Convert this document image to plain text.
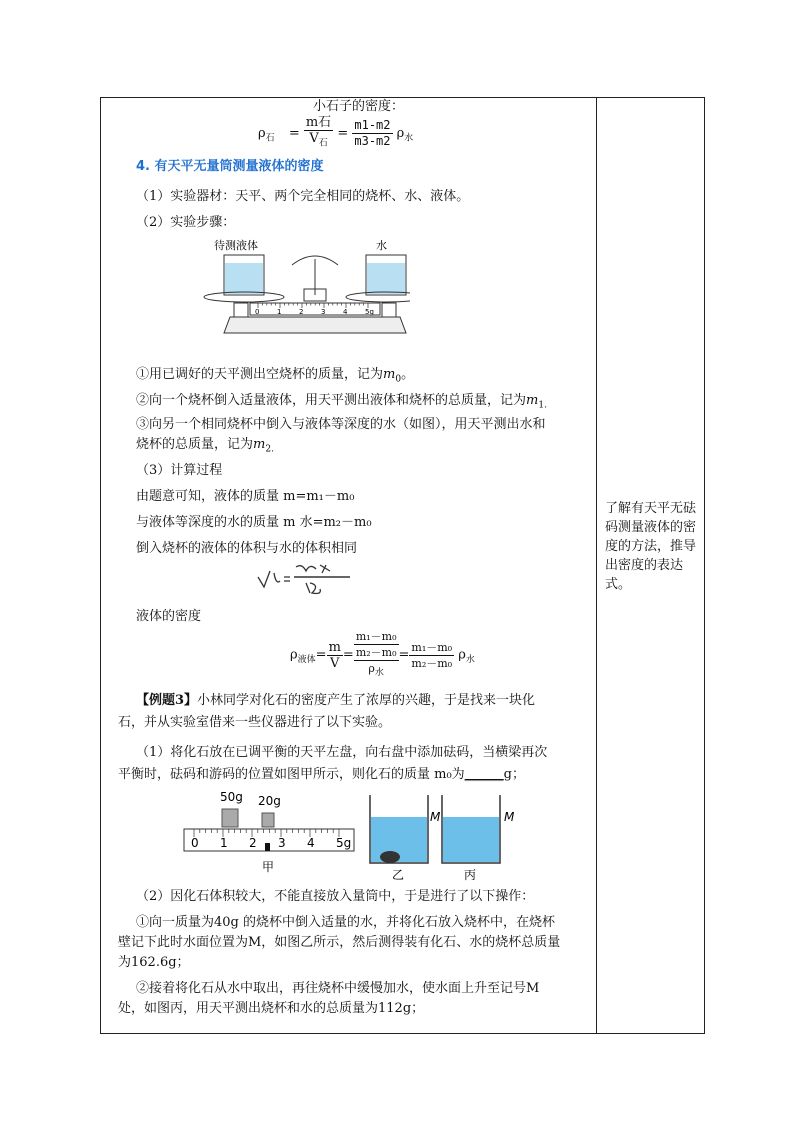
小石子的密度：
$\rho_石 = \frac{\text{m石}}{V_石} = \frac{m1-m2}{m3-m2} \rho_水$
4. 有天平无量筒测量液体的密度
（1）实验器材：天平、两个完全相同的烧杯、水、液体。
（2）实验步骤：
待测液体	水
0	1	2	3	4	5g
①用已调好的天平测出空烧杯的质量，记为$m_0$。
②向一个烧杯倒入适量液体，用天平测出液体和烧杯的总质量，记为$m_{1.}$
③向另一个相同烧杯中倒入与液体等深度的水（如图），用天平测出水和
烧杯的总质量，记为$m_{2.}$
（3）计算过程
由题意可知，液体的质量 m=m₁－m₀
与液体等深度的水的质量 m 水=m₂－m₀
倒入烧杯的液体的体积与水的体积相同
液体的密度
$\rho_{液体}= \frac{m}{V}$ =
m₁－m₀
m₂－m₀
$\rho_水$
= $\frac{\text{m₁－m₀}}{\text{m₂－m₀}} \rho_水$
【例题3】小林同学对化石的密度产生了浓厚的兴趣，于是找来一块化
石，并从实验室借来一些仪器进行了以下实验。
（1）将化石放在已调平衡的天平左盘，向右盘中添加砝码，当横梁再次
平衡时，砝码和游码的位置如图甲所示，则化石的质量 m₀为______g；
50g 20g
0 1 2 3 4 5g
甲
M
乙
M
丙
（2）因化石体积较大，不能直接放入量筒中，于是进行了以下操作：
①向一质量为40g 的烧杯中倒入适量的水，并将化石放入烧杯中，在烧杯
壁记下此时水面位置为M，如图乙所示，然后测得装有化石、水的烧杯总质量
为162.6g；
②接着将化石从水中取出，再往烧杯中缓慢加水，使水面上升至记号M
处，如图丙，用天平测出烧杯和水的总质量为112g；
了解有天平无砝码测量液体的密度的方法，推导出密度的表达式。
